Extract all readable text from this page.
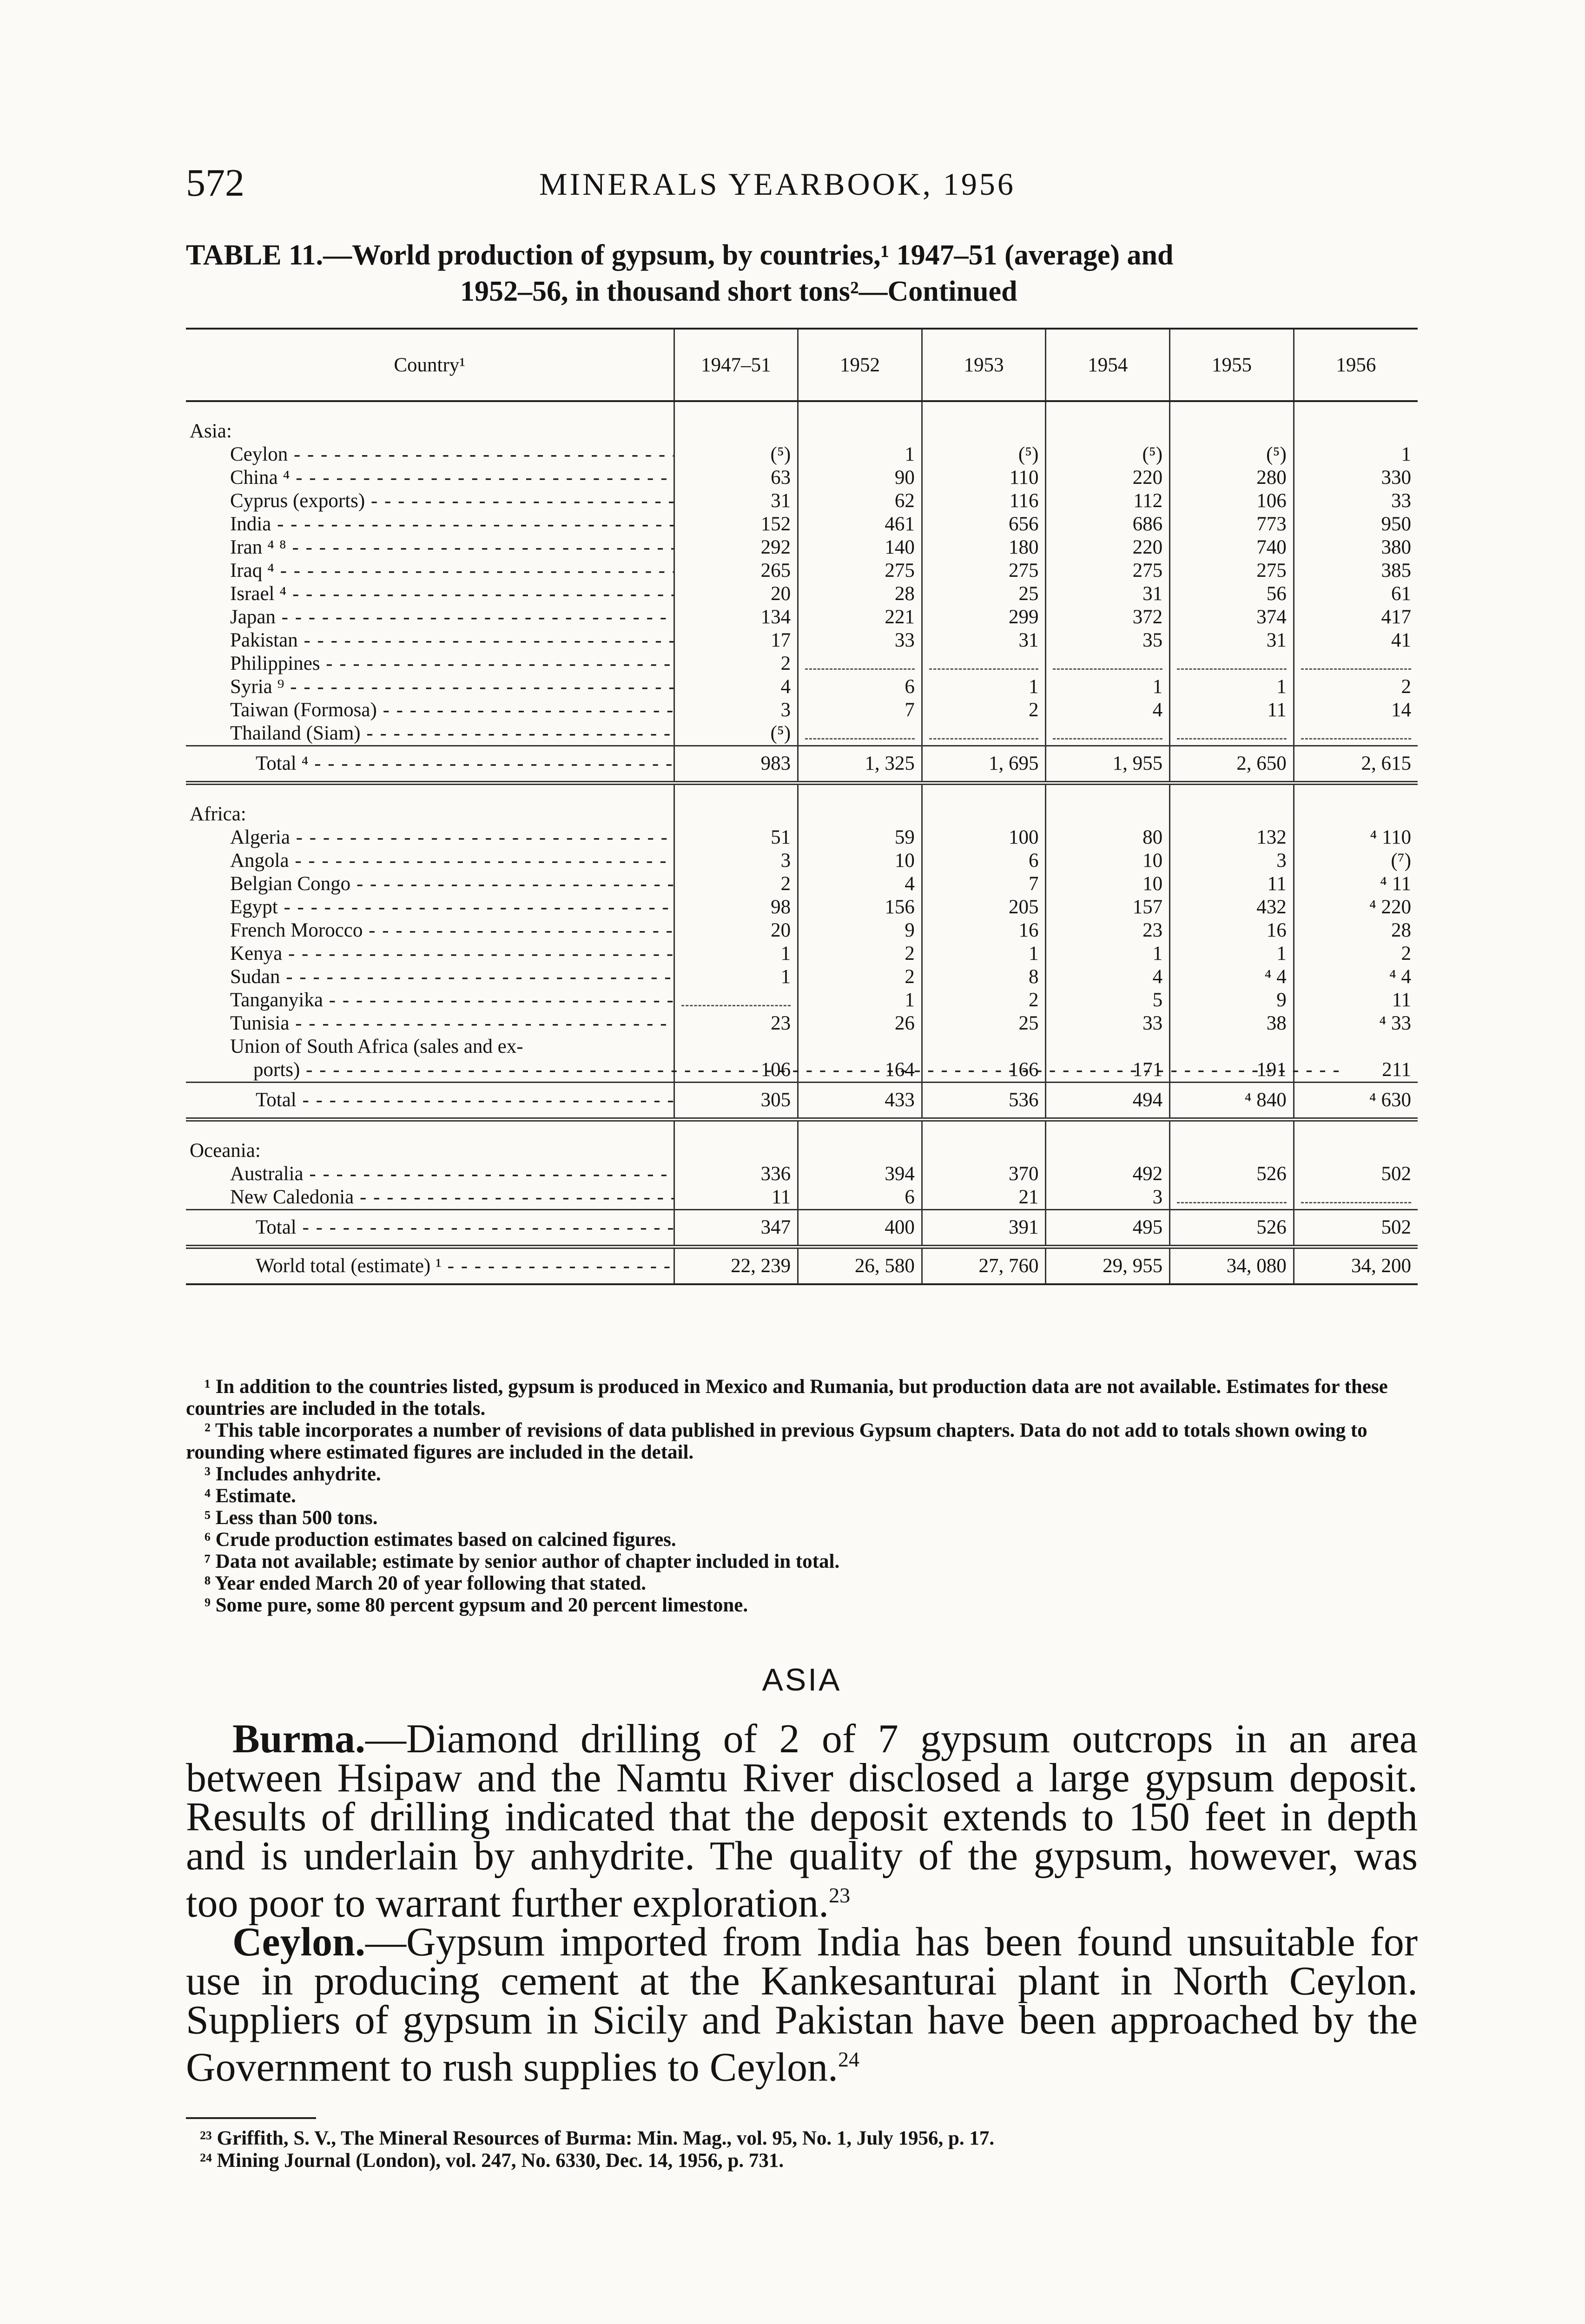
572	MINERALS YEARBOOK, 1956
TABLE 11.—World production of gypsum, by countries,¹ 1947–51 (average) and
1952–56, in thousand short tons²—Continued
Country¹	1947–51	1952	1953	1954	1955	1956

Asia:						
Ceylon - - -	(⁵)	1	(⁵)	(⁵)	(⁵)	1
China ⁴ - - -	63	90	110	220	280	330
Cyprus (exports) - - -	31	62	116	112	106	33
India - - -	152	461	656	686	773	950
Iran ⁴ ⁸ - - -	292	140	180	220	740	380
Iraq ⁴ - - -	265	275	275	275	275	385
Israel ⁴ - - -	20	28	25	31	56	61
Japan - - -	134	221	299	372	374	417
Pakistan - - -	17	33	31	35	31	41
Philippines - - -	2					
Syria ⁹ - - -	4	6	1	1	1	2
Taiwan (Formosa) - - -	3	7	2	4	11	14
Thailand (Siam) - - -	(⁵)					
Total ⁴ - - -	983	1, 325	1, 695	1, 955	2, 650	2, 615

Africa:						
Algeria - - -	51	59	100	80	132	⁴ 110
Angola - - -	3	10	6	10	3	(⁷)
Belgian Congo - - -	2	4	7	10	11	⁴ 11
Egypt - - -	98	156	205	157	432	⁴ 220
French Morocco - - -	20	9	16	23	16	28
Kenya - - -	1	2	1	1	1	2
Sudan - - -	1	2	8	4	⁴ 4	⁴ 4
Tanganyika - - -		1	2	5	9	11
Tunisia - - -	23	26	25	33	38	⁴ 33
Union of South Africa (sales and ex-
ports) - - -	106	164	166	171	191	211
Total - - -	305	433	536	494	⁴ 840	⁴ 630

Oceania:						
Australia - - -	336	394	370	492	526	502
New Caledonia - - -	11	6	21	3		
Total - - -	347	400	391	495	526	502
World total (estimate) ¹ - - -	22, 239	26, 580	27, 760	29, 955	34, 080	34, 200

¹ In addition to the countries listed, gypsum is produced in Mexico and Rumania, but production data are not available. Estimates for these countries are included in the totals.

² This table incorporates a number of revisions of data published in previous Gypsum chapters. Data do not add to totals shown owing to rounding where estimated figures are included in the detail.

³ Includes anhydrite.

⁴ Estimate.

⁵ Less than 500 tons.

⁶ Crude production estimates based on calcined figures.

⁷ Data not available; estimate by senior author of chapter included in total.

⁸ Year ended March 20 of year following that stated.

⁹ Some pure, some 80 percent gypsum and 20 percent limestone.

ASIA

Burma.—Diamond drilling of 2 of 7 gypsum outcrops in an area between Hsipaw and the Namtu River disclosed a large gypsum deposit. Results of drilling indicated that the deposit extends to 150 feet in depth and is underlain by anhydrite. The quality of the gypsum, however, was too poor to warrant further exploration.$^{23}$

Ceylon.—Gypsum imported from India has been found unsuitable for use in producing cement at the Kankesanturai plant in North Ceylon. Suppliers of gypsum in Sicily and Pakistan have been approached by the Government to rush supplies to Ceylon.$^{24}$

²³ Griffith, S. V., The Mineral Resources of Burma: Min. Mag., vol. 95, No. 1, July 1956, p. 17.

²⁴ Mining Journal (London), vol. 247, No. 6330, Dec. 14, 1956, p. 731.
